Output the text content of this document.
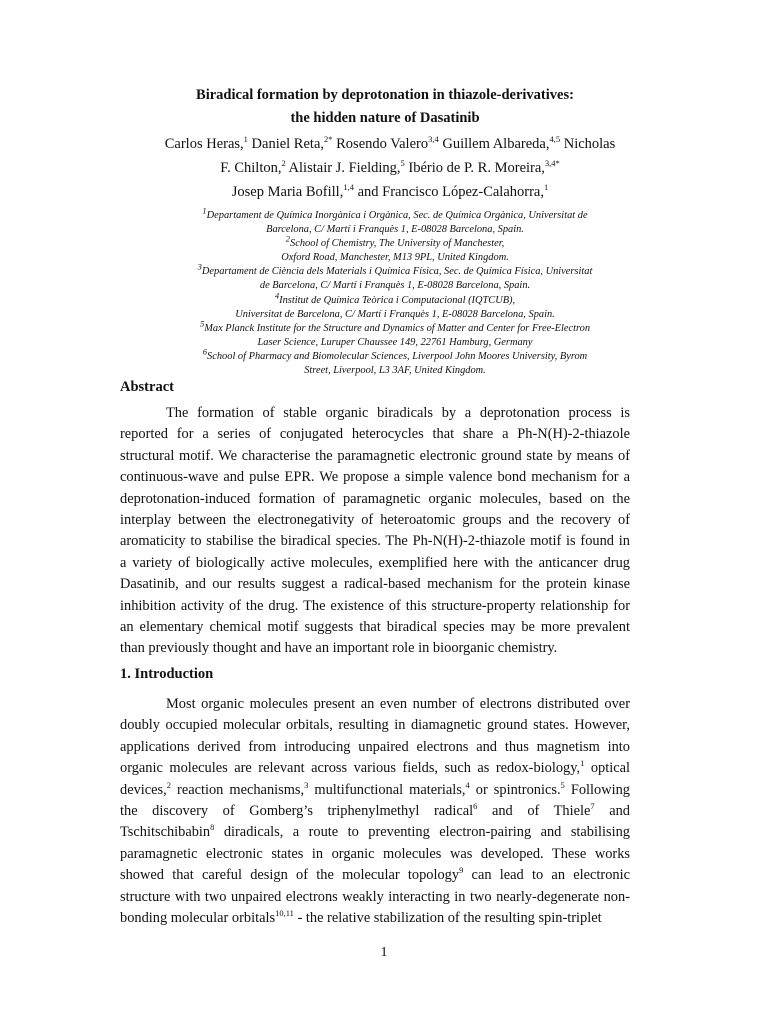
Biradical formation by deprotonation in thiazole-derivatives:
the hidden nature of Dasatinib
Carlos Heras,$^1$ Daniel Reta,$^{2*}$ Rosendo Valero$^{3,4}$ Guillem Albareda,$^{4,5}$ Nicholas
F. Chilton,$^2$ Alistair J. Fielding,$^5$ Ibério de P. R. Moreira,$^{3,4*}$
Josep Maria Bofill,$^{1,4}$ and Francisco López-Calahorra,$^1$
$^1$Departament de Química Inorgànica i Orgànica, Sec. de Química Orgànica, Universitat de
Barcelona, C/ Martí i Franquès 1, E-08028 Barcelona, Spain.
$^2$School of Chemistry, The University of Manchester,
Oxford Road, Manchester, M13 9PL, United Kingdom.
$^3$Departament de Ciència dels Materials i Química Física, Sec. de Química Física, Universitat
de Barcelona, C/ Martí i Franquès 1, E-08028 Barcelona, Spain.
$^4$Institut de Química Teòrica i Computacional (IQTCUB),
Universitat de Barcelona, C/ Martí i Franquès 1, E-08028 Barcelona, Spain.
$^5$Max Planck Institute for the Structure and Dynamics of Matter and Center for Free-Electron
Laser Science, Luruper Chaussee 149, 22761 Hamburg, Germany
$^6$School of Pharmacy and Biomolecular Sciences, Liverpool John Moores University, Byrom
Street, Liverpool, L3 3AF, United Kingdom.
Abstract
The formation of stable organic biradicals by a deprotonation process is
reported for a series of conjugated heterocycles that share a Ph-N(H)-2-thiazole
structural motif. We characterise the paramagnetic electronic ground state by means of
continuous-wave and pulse EPR. We propose a simple valence bond mechanism for a
deprotonation-induced formation of paramagnetic organic molecules, based on the
interplay between the electronegativity of heteroatomic groups and the recovery of
aromaticity to stabilise the biradical species. The Ph-N(H)-2-thiazole motif is found in
a variety of biologically active molecules, exemplified here with the anticancer drug
Dasatinib, and our results suggest a radical-based mechanism for the protein kinase
inhibition activity of the drug. The existence of this structure-property relationship for
an elementary chemical motif suggests that biradical species may be more prevalent
than previously thought and have an important role in bioorganic chemistry.
1. Introduction
Most organic molecules present an even number of electrons distributed over
doubly occupied molecular orbitals, resulting in diamagnetic ground states. However,
applications derived from introducing unpaired electrons and thus magnetism into
organic molecules are relevant across various fields, such as redox-biology,$^1$ optical
devices,$^2$ reaction mechanisms,$^3$ multifunctional materials,$^4$ or spintronics.$^5$ Following
the discovery of Gomberg’s triphenylmethyl radical$^6$ and of Thiele$^7$ and
Tschitschibabin$^8$ diradicals, a route to preventing electron-pairing and stabilising
paramagnetic electronic states in organic molecules was developed. These works
showed that careful design of the molecular topology$^9$ can lead to an electronic
structure with two unpaired electrons weakly interacting in two nearly-degenerate non-
bonding molecular orbitals$^{10,11}$ - the relative stabilization of the resulting spin-triplet
1
